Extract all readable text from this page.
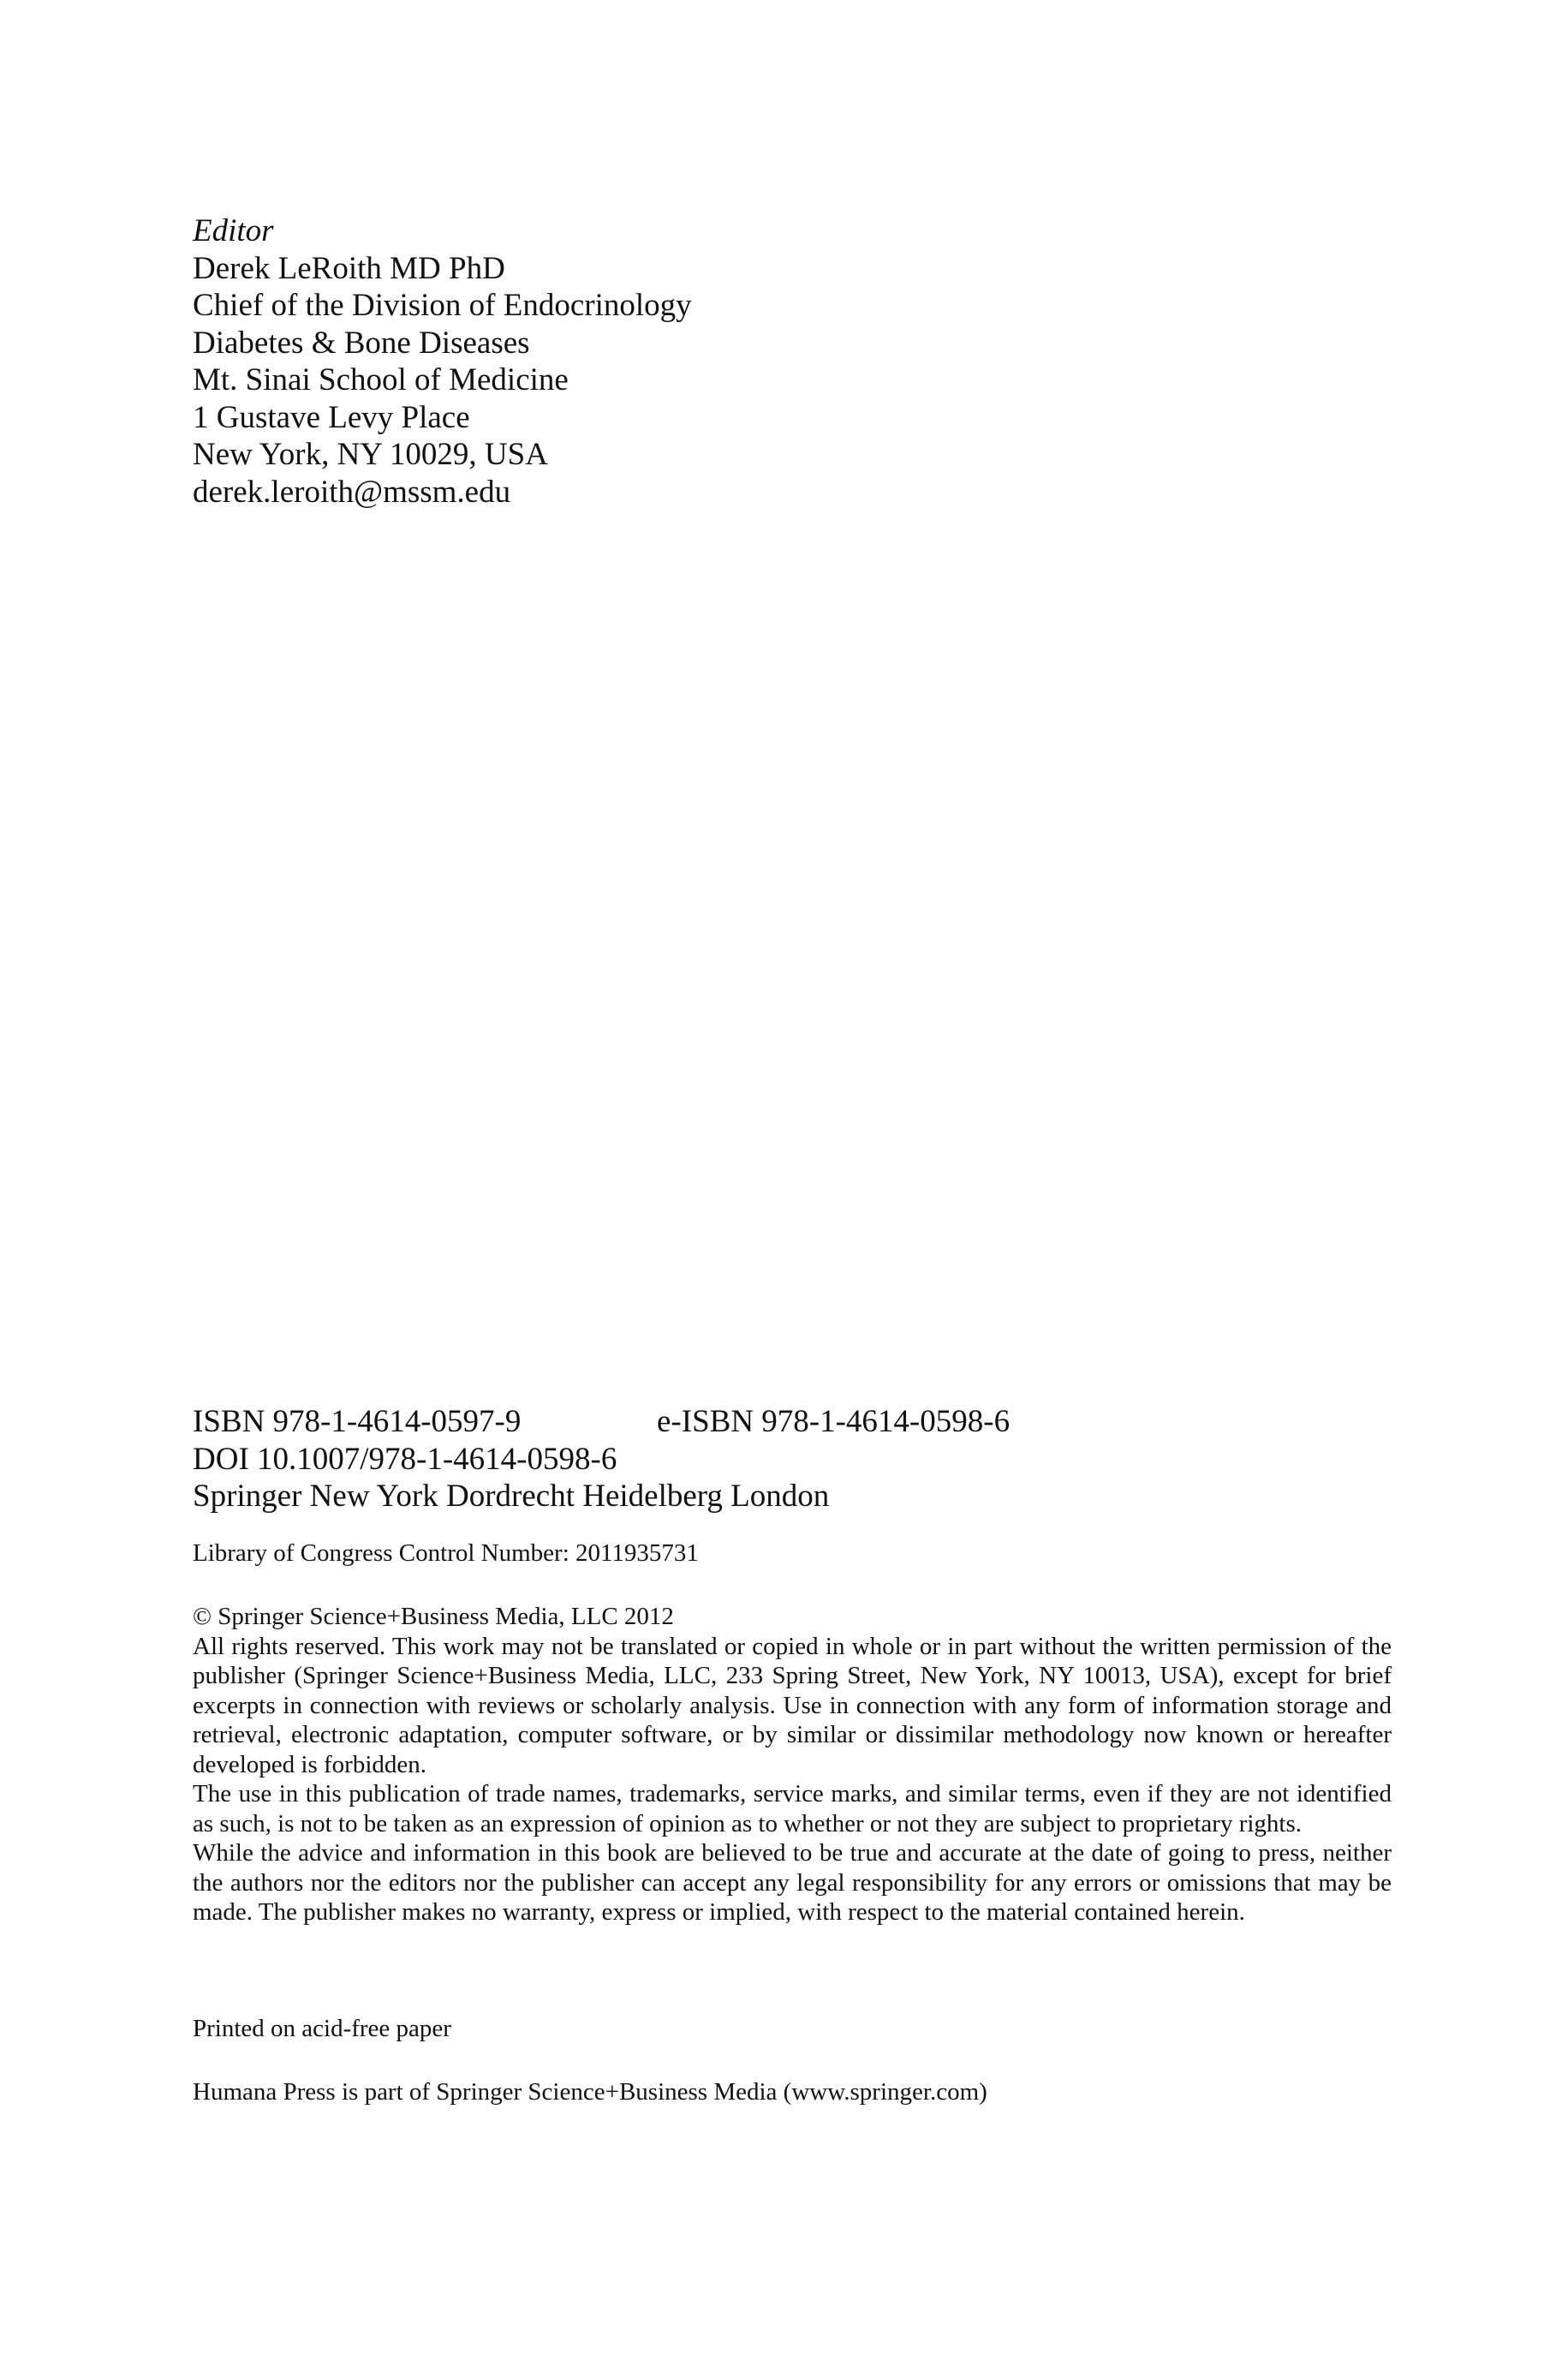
Editor
Derek LeRoith MD PhD
Chief of the Division of Endocrinology
Diabetes & Bone Diseases
Mt. Sinai School of Medicine
1 Gustave Levy Place
New York, NY 10029, USA
derek.leroith@mssm.edu
ISBN 978-1-4614-0597-9	e-ISBN 978-1-4614-0598-6
DOI 10.1007/978-1-4614-0598-6
Springer New York Dordrecht Heidelberg London
Library of Congress Control Number: 2011935731
© Springer Science+Business Media, LLC 2012
All rights reserved. This work may not be translated or copied in whole or in part without the written permission of the publisher (Springer Science+Business Media, LLC, 233 Spring Street, New York, NY 10013, USA), except for brief excerpts in connection with reviews or scholarly analysis. Use in connection with any form of information storage and retrieval, electronic adaptation, computer software, or by similar or dissimilar methodology now known or hereafter developed is forbidden.
The use in this publication of trade names, trademarks, service marks, and similar terms, even if they are not identified as such, is not to be taken as an expression of opinion as to whether or not they are subject to proprietary rights.
While the advice and information in this book are believed to be true and accurate at the date of going to press, neither the authors nor the editors nor the publisher can accept any legal responsibility for any errors or omissions that may be made. The publisher makes no warranty, express or implied, with respect to the material contained herein.
Printed on acid-free paper
Humana Press is part of Springer Science+Business Media (www.springer.com)
